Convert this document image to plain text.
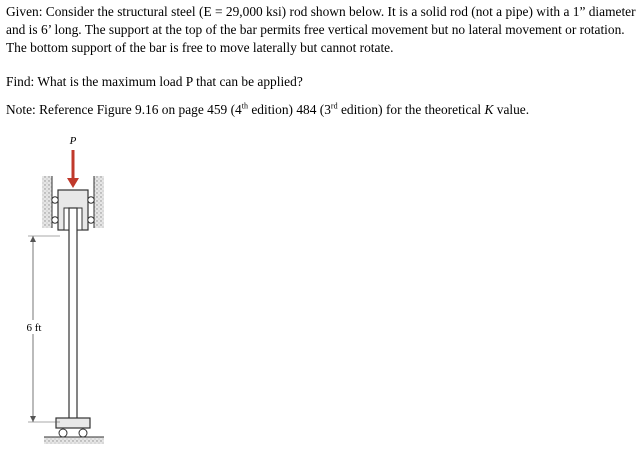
Given: Consider the structural steel (E = 29,000 ksi) rod shown below. It is a solid rod (not a pipe) with a 1” diameter and is 6’ long. The support at the top of the bar permits free vertical movement but no lateral movement or rotation. The bottom support of the bar is free to move laterally but cannot rotate.

Find: What is the maximum load P that can be applied?

Note: Reference Figure 9.16 on page 459 (4th edition) 484 (3rd edition) for the theoretical K value.

P
6 ft
